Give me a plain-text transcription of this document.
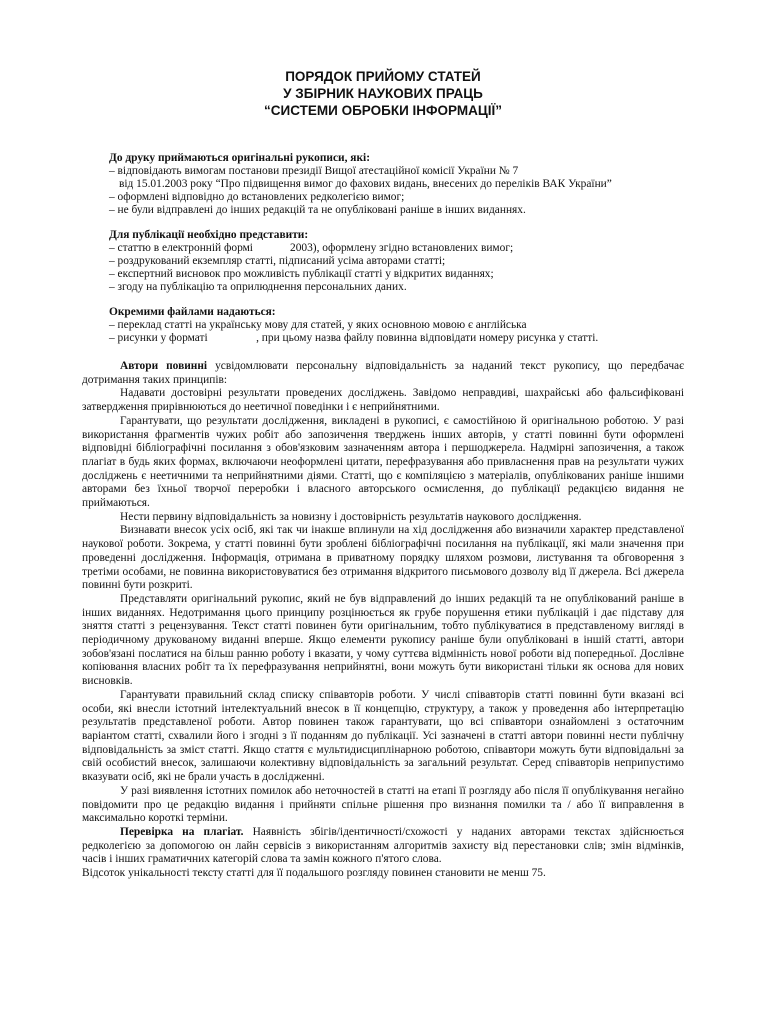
ПОРЯДОК ПРИЙОМУ СТАТЕЙ
У ЗБІРНИК НАУКОВИХ ПРАЦЬ
“СИСТЕМИ ОБРОБКИ ІНФОРМАЦІЇ”
До друку приймаються оригінальні рукописи, які:
– відповідають вимогам постанови президії Вищої атестаційної комісії України № 7
від 15.01.2003 року “Про підвищення вимог до фахових видань, внесених до переліків ВАК України”
– оформлені відповідно до встановлених редколегією вимог;
– не були відправлені до інших редакцій та не опубліковані раніше в інших виданнях.
Для публікації необхідно представити:
– статтю в електронній формі             2003), оформлену згідно встановлених вимог;
– роздрукований екземпляр статті, підписаний усіма авторами статті;
– експертний висновок про можливість публікації статті у відкритих виданнях;
– згоду на публікацію та оприлюднення персональних даних.
Окремими файлами надаються:
– переклад статті на українську мову для статей, у яких основною мовою є англійська
– рисунки у форматі                 , при цьому назва файлу повинна відповідати номеру рисунка у статті.

Автори повинні усвідомлювати персональну відповідальність за наданий текст рукопису, що передбачає дотримання таких принципів:

Надавати достовірні результати проведених досліджень. Завідомо неправдиві, шахрайські або фальсифіковані затвердження прирівнюються до неетичної поведінки і є неприйнятними.

Гарантувати, що результати дослідження, викладені в рукописі, є самостійною й оригінальною роботою. У разі використання фрагментів чужих робіт або запозичення тверджень інших авторів, у статті повинні бути оформлені відповідні бібліографічні посилання з обов'язковим зазначенням автора і першоджерела. Надмірні запозичення, а також плагіат в будь яких формах, включаючи неоформлені цитати, перефразування або привласнення прав на результати чужих досліджень є неетичними та неприйнятними діями. Статті, що є компіляцією з матеріалів, опублікованих раніше іншими авторами без їхньої творчої переробки і власного авторського осмислення, до публікації редакцією видання не приймаються.

Нести первину відповідальність за новизну і достовірність результатів наукового дослідження.

Визнавати внесок усіх осіб, які так чи інакше вплинули на хід дослідження або визначили характер представленої наукової роботи. Зокрема, у статті повинні бути зроблені бібліографічні посилання на публікації, які мали значення при проведенні дослідження. Інформація, отримана в приватному порядку шляхом розмови, листування та обговорення з третіми особами, не повинна використовуватися без отримання відкритого письмового дозволу від її джерела. Всі джерела повинні бути розкриті.

Представляти оригінальний рукопис, який не був відправлений до інших редакцій та не опублікований раніше в інших виданнях. Недотримання цього принципу розцінюється як грубе порушення етики публікацій і дає підставу для зняття статті з рецензування. Текст статті повинен бути оригінальним, тобто публікуватися в представленому вигляді в періодичному друкованому виданні вперше. Якщо елементи рукопису раніше були опубліковані в іншій статті, автори зобов'язані послатися на більш ранню роботу і вказати, у чому суттєва відмінність нової роботи від попередньої. Дослівне копіювання власних робіт та їх перефразування неприйнятні, вони можуть бути використані тільки як основа для нових висновків.

Гарантувати правильний склад списку співавторів роботи. У числі співавторів статті повинні бути вказані всі особи, які внесли істотний інтелектуальний внесок в її концепцію, структуру, а також у проведення або інтерпретацію результатів представленої роботи. Автор повинен також гарантувати, що всі співавтори ознайомлені з остаточним варіантом статті, схвалили його і згодні з її поданням до публікації. Усі зазначені в статті автори повинні нести публічну відповідальність за зміст статті. Якщо стаття є мультидисциплінарною роботою, співавтори можуть бути відповідальні за свій особистий внесок, залишаючи колективну відповідальність за загальний результат. Серед співавторів неприпустимо вказувати осіб, які не брали участь в дослідженні.

У разі виявлення істотних помилок або неточностей в статті на етапі її розгляду або після її опублікування негайно повідомити про це редакцію видання і прийняти спільне рішення про визнання помилки та / або її виправлення в максимально короткі терміни.

Перевірка на плагіат. Наявність збігів/ідентичності/схожості у наданих авторами текстах здійснюється редколегією за допомогою он лайн сервісів з використанням алгоритмів захисту від перестановки слів; змін відмінків, часів і інших граматичних категорій слова та замін кожного п'ятого слова.

Відсоток унікальності тексту статті для її подальшого розгляду повинен становити не менш 75.
